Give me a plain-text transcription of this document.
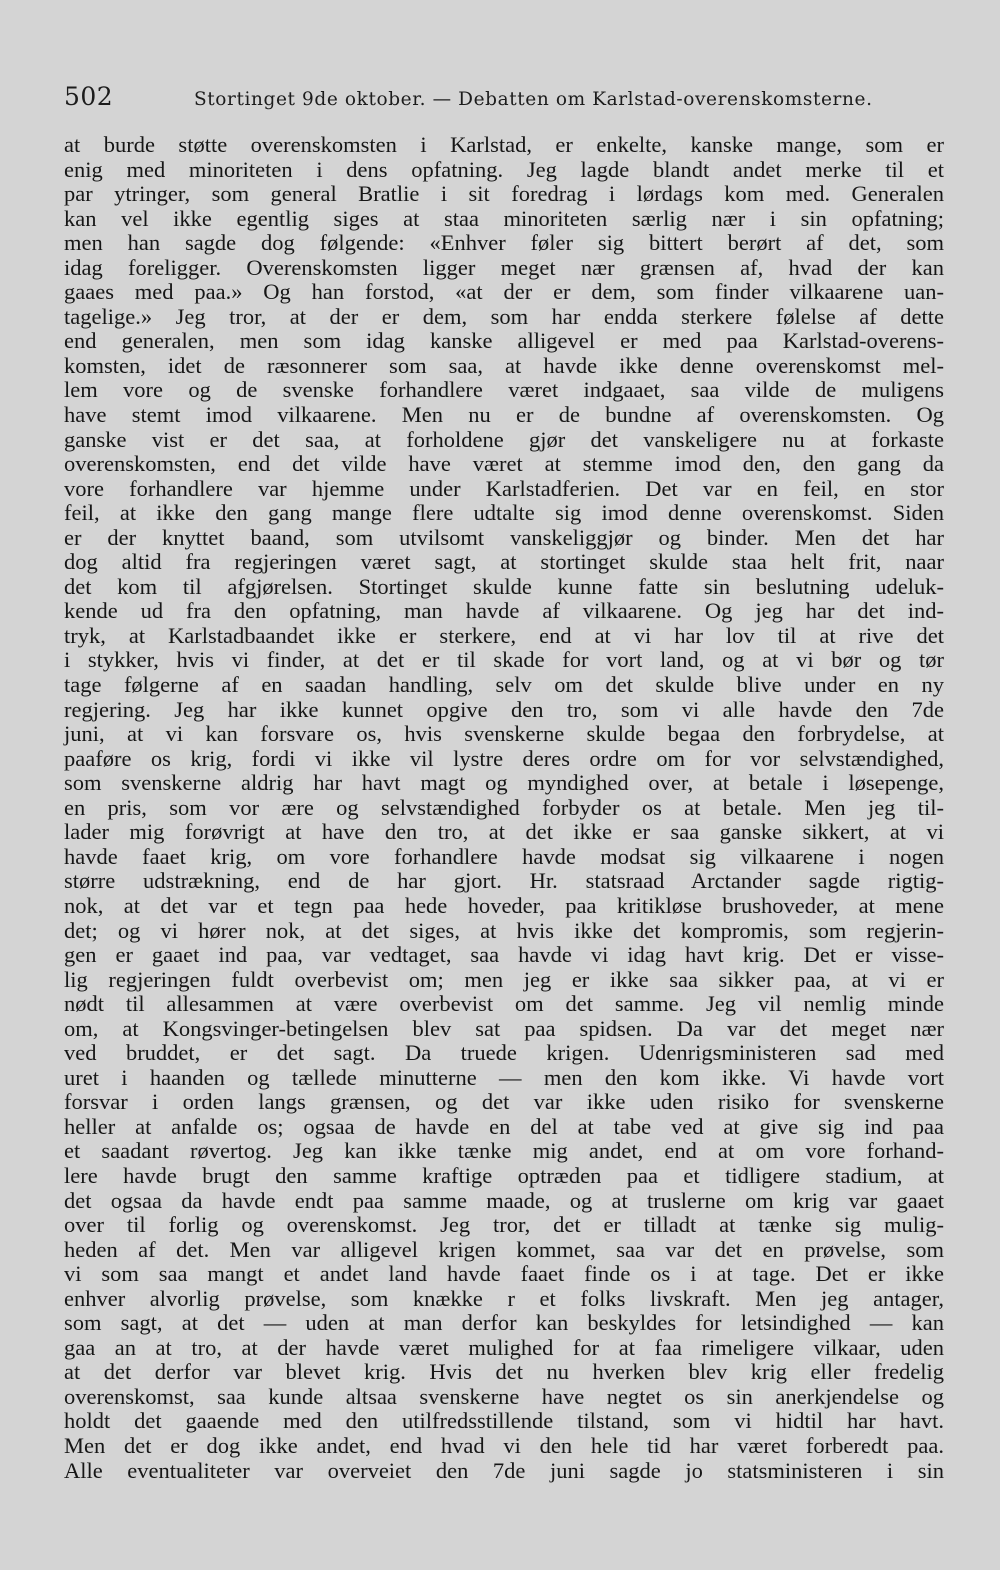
502	Stortinget 9de oktober. — Debatten om Karlstad-overenskomsterne.
at burde støtte overenskomsten i Karlstad, er enkelte, kanske mange, som er
enig med minoriteten i dens opfatning. Jeg lagde blandt andet merke til et
par ytringer, som general Bratlie i sit foredrag i lørdags kom med. Generalen
kan vel ikke egentlig siges at staa minoriteten særlig nær i sin opfatning;
men han sagde dog følgende: «Enhver føler sig bittert berørt af det, som
idag foreligger. Overenskomsten ligger meget nær grænsen af, hvad der kan
gaaes med paa.» Og han forstod, «at der er dem, som finder vilkaarene uan-
tagelige.» Jeg tror, at der er dem, som har endda sterkere følelse af dette
end generalen, men som idag kanske alligevel er med paa Karlstad-overens-
komsten, idet de ræsonnerer som saa, at havde ikke denne overenskomst mel-
lem vore og de svenske forhandlere været indgaaet, saa vilde de muligens
have stemt imod vilkaarene. Men nu er de bundne af overenskomsten. Og
ganske vist er det saa, at forholdene gjør det vanskeligere nu at forkaste
overenskomsten, end det vilde have været at stemme imod den, den gang da
vore forhandlere var hjemme under Karlstadferien. Det var en feil, en stor
feil, at ikke den gang mange flere udtalte sig imod denne overenskomst. Siden
er der knyttet baand, som utvilsomt vanskeliggjør og binder. Men det har
dog altid fra regjeringen været sagt, at stortinget skulde staa helt frit, naar
det kom til afgjørelsen. Stortinget skulde kunne fatte sin beslutning udeluk-
kende ud fra den opfatning, man havde af vilkaarene. Og jeg har det ind-
tryk, at Karlstadbaandet ikke er sterkere, end at vi har lov til at rive det
i stykker, hvis vi finder, at det er til skade for vort land, og at vi bør og tør
tage følgerne af en saadan handling, selv om det skulde blive under en ny
regjering. Jeg har ikke kunnet opgive den tro, som vi alle havde den 7de
juni, at vi kan forsvare os, hvis svenskerne skulde begaa den forbrydelse, at
paaføre os krig, fordi vi ikke vil lystre deres ordre om for vor selvstændighed,
som svenskerne aldrig har havt magt og myndighed over, at betale i løsepenge,
en pris, som vor ære og selvstændighed forbyder os at betale. Men jeg til-
lader mig forøvrigt at have den tro, at det ikke er saa ganske sikkert, at vi
havde faaet krig, om vore forhandlere havde modsat sig vilkaarene i nogen
større udstrækning, end de har gjort. Hr. statsraad Arctander sagde rigtig-
nok, at det var et tegn paa hede hoveder, paa kritikløse brushoveder, at mene
det; og vi hører nok, at det siges, at hvis ikke det kompromis, som regjerin-
gen er gaaet ind paa, var vedtaget, saa havde vi idag havt krig. Det er visse-
lig regjeringen fuldt overbevist om; men jeg er ikke saa sikker paa, at vi er
nødt til allesammen at være overbevist om det samme. Jeg vil nemlig minde
om, at Kongsvinger-betingelsen blev sat paa spidsen. Da var det meget nær
ved bruddet, er det sagt. Da truede krigen. Udenrigsministeren sad med
uret i haanden og tællede minutterne — men den kom ikke. Vi havde vort
forsvar i orden langs grænsen, og det var ikke uden risiko for svenskerne
heller at anfalde os; ogsaa de havde en del at tabe ved at give sig ind paa
et saadant røvertog. Jeg kan ikke tænke mig andet, end at om vore forhand-
lere havde brugt den samme kraftige optræden paa et tidligere stadium, at
det ogsaa da havde endt paa samme maade, og at truslerne om krig var gaaet
over til forlig og overenskomst. Jeg tror, det er tilladt at tænke sig mulig-
heden af det. Men var alligevel krigen kommet, saa var det en prøvelse, som
vi som saa mangt et andet land havde faaet finde os i at tage. Det er ikke
enhver alvorlig prøvelse, som knække r et folks livskraft. Men jeg antager,
som sagt, at det — uden at man derfor kan beskyldes for letsindighed — kan
gaa an at tro, at der havde været mulighed for at faa rimeligere vilkaar, uden
at det derfor var blevet krig. Hvis det nu hverken blev krig eller fredelig
overenskomst, saa kunde altsaa svenskerne have negtet os sin anerkjendelse og
holdt det gaaende med den utilfredsstillende tilstand, som vi hidtil har havt.
Men det er dog ikke andet, end hvad vi den hele tid har været forberedt paa.
Alle eventualiteter var overveiet den 7de juni sagde jo statsministeren i sin
